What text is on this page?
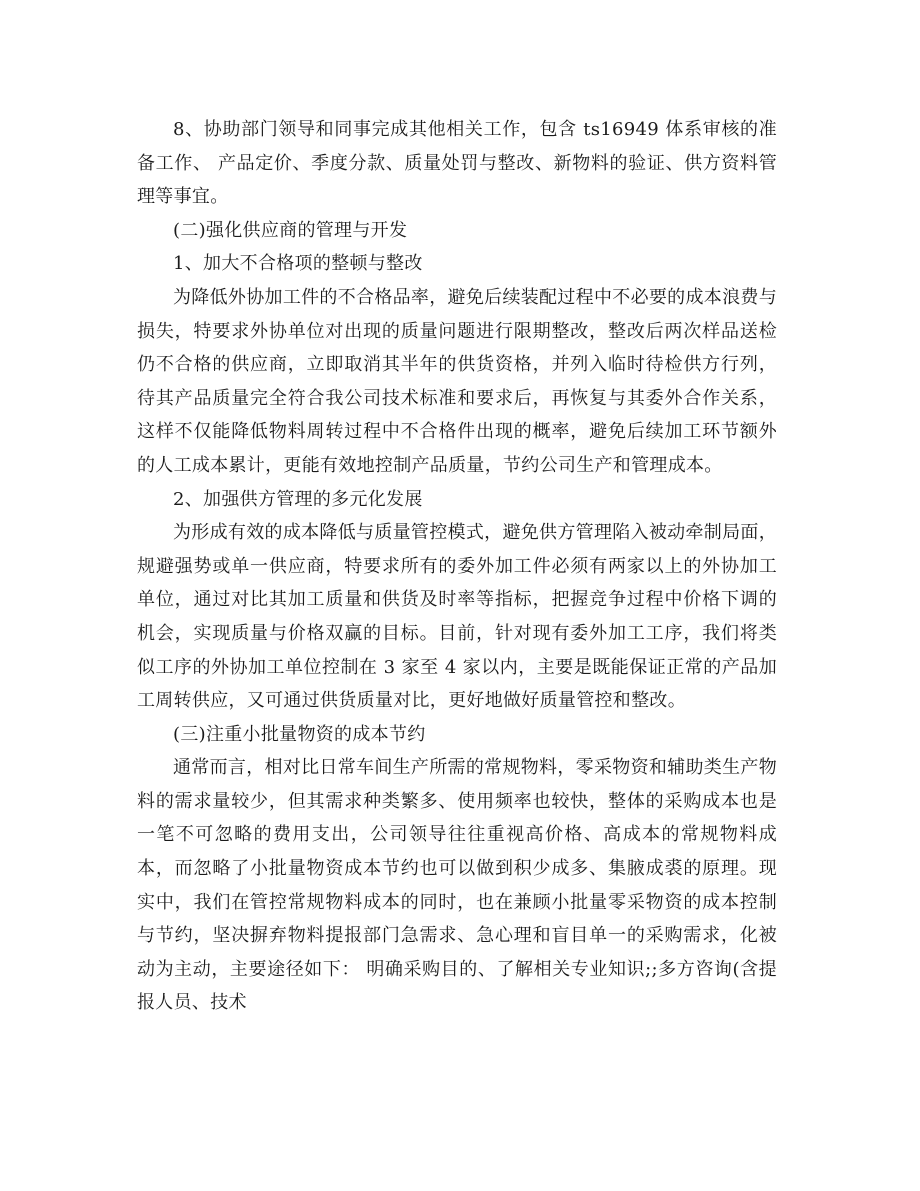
8、协助部门领导和同事完成其他相关工作，包含 ts16949 体系审核的准备工作、 产品定价、季度分款、质量处罚与整改、新物料的验证、供方资料管理等事宜。

(二)强化供应商的管理与开发

1、加大不合格项的整顿与整改

为降低外协加工件的不合格品率，避免后续装配过程中不必要的成本浪费与损失，特要求外协单位对出现的质量问题进行限期整改，整改后两次样品送检仍不合格的供应商，立即取消其半年的供货资格，并列入临时待检供方行列，待其产品质量完全符合我公司技术标准和要求后，再恢复与其委外合作关系，这样不仅能降低物料周转过程中不合格件出现的概率，避免后续加工环节额外的人工成本累计，更能有效地控制产品质量，节约公司生产和管理成本。

2、加强供方管理的多元化发展

为形成有效的成本降低与质量管控模式，避免供方管理陷入被动牵制局面，规避强势或单一供应商，特要求所有的委外加工件必须有两家以上的外协加工单位，通过对比其加工质量和供货及时率等指标，把握竞争过程中价格下调的机会，实现质量与价格双赢的目标。目前，针对现有委外加工工序，我们将类似工序的外协加工单位控制在 3 家至 4 家以内，主要是既能保证正常的产品加工周转供应，又可通过供货质量对比，更好地做好质量管控和整改。

(三)注重小批量物资的成本节约

通常而言，相对比日常车间生产所需的常规物料，零采物资和辅助类生产物料的需求量较少，但其需求种类繁多、使用频率也较快，整体的采购成本也是一笔不可忽略的费用支出，公司领导往往重视高价格、高成本的常规物料成本，而忽略了小批量物资成本节约也可以做到积少成多、集腋成裘的原理。现实中，我们在管控常规物料成本的同时，也在兼顾小批量零采物资的成本控制与节约，坚决摒弃物料提报部门急需求、急心理和盲目单一的采购需求，化被动为主动，主要途径如下： 明确采购目的、了解相关专业知识;;多方咨询(含提报人员、技术
